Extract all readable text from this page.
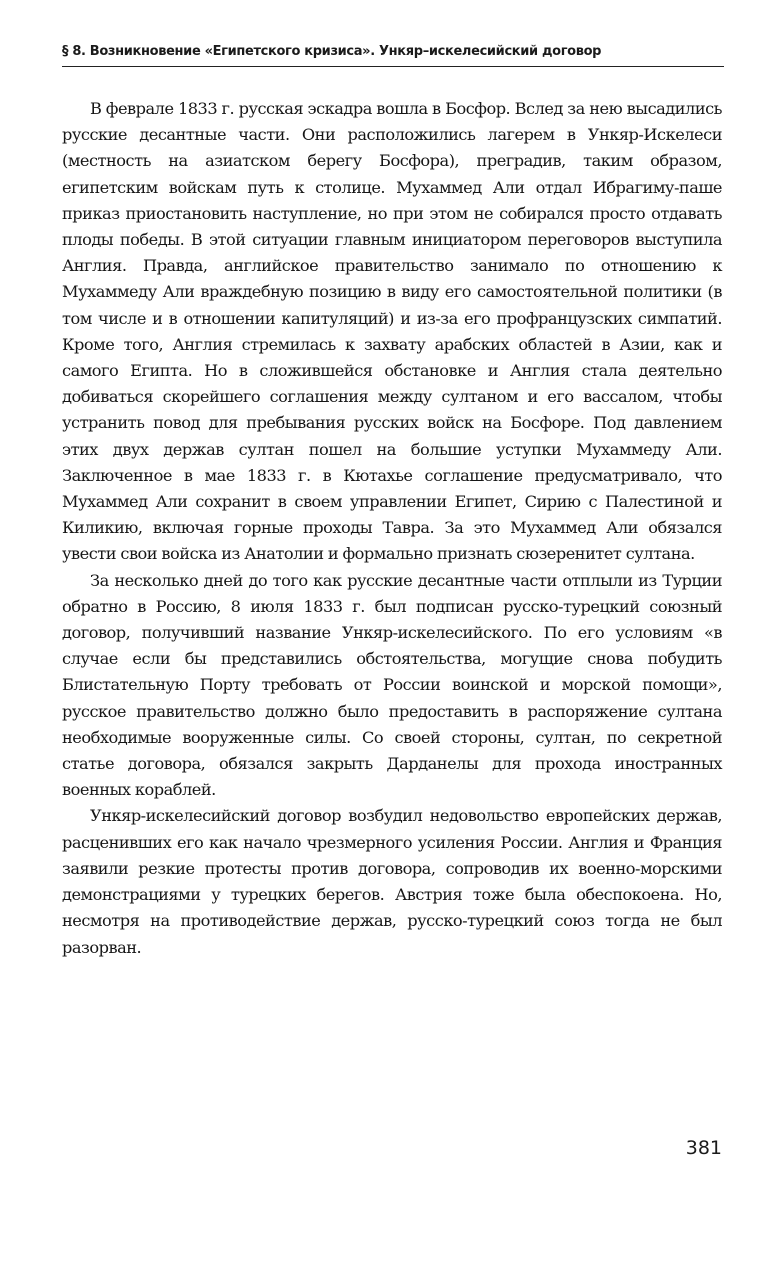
§ 8. Возникновение «Египетского кризиса». Ункяр–искелесийский договор

В феврале 1833 г. русская эскадра вошла в Босфор. Вслед за нею высадились русские десантные части. Они расположились лагерем в Ункяр-Искелеси (местность на азиатском берегу Босфора), преградив, таким образом, египетским войскам путь к столице. Мухаммед Али отдал Ибрагиму-паше приказ приостановить наступление, но при этом не собирался просто отдавать плоды победы. В этой ситуации главным инициатором переговоров выступила Англия. Правда, английское правительство занимало по отношению к Мухаммеду Али враждебную позицию в виду его самостоятельной политики (в том числе и в отношении капитуляций) и из-за его профранцузских симпатий. Кроме того, Англия стремилась к захвату арабских областей в Азии, как и самого Египта. Но в сложившейся обстановке и Англия стала деятельно добиваться скорейшего соглашения между султаном и его вассалом, чтобы устранить повод для пребывания русских войск на Босфоре. Под давлением этих двух держав султан пошел на большие уступки Мухаммеду Али. Заключенное в мае 1833 г. в Кютахье соглашение предусматривало, что Мухаммед Али сохранит в своем управлении Египет, Сирию с Палестиной и Киликию, включая горные проходы Тавра. За это Мухаммед Али обязался увести свои войска из Анатолии и формально признать сюзеренитет султана.

За несколько дней до того как русские десантные части отплыли из Турции обратно в Россию, 8 июля 1833 г. был подписан русско-турецкий союзный договор, получивший название Ункяр-искелесийского. По его условиям «в случае если бы представились обстоятельства, могущие снова побудить Блистательную Порту требовать от России воинской и морской помощи», русское правительство должно было предоставить в распоряжение султана необходимые вооруженные силы. Со своей стороны, султан, по секретной статье договора, обязался закрыть Дарданелы для прохода иностранных военных кораблей.

Ункяр-искелесийский договор возбудил недовольство европейских держав, расценивших его как начало чрезмерного усиления России. Англия и Франция заявили резкие протесты против договора, сопроводив их военно-морскими демонстрациями у турецких берегов. Австрия тоже была обеспокоена. Но, несмотря на противодействие держав, русско-турецкий союз тогда не был разорван.

381
